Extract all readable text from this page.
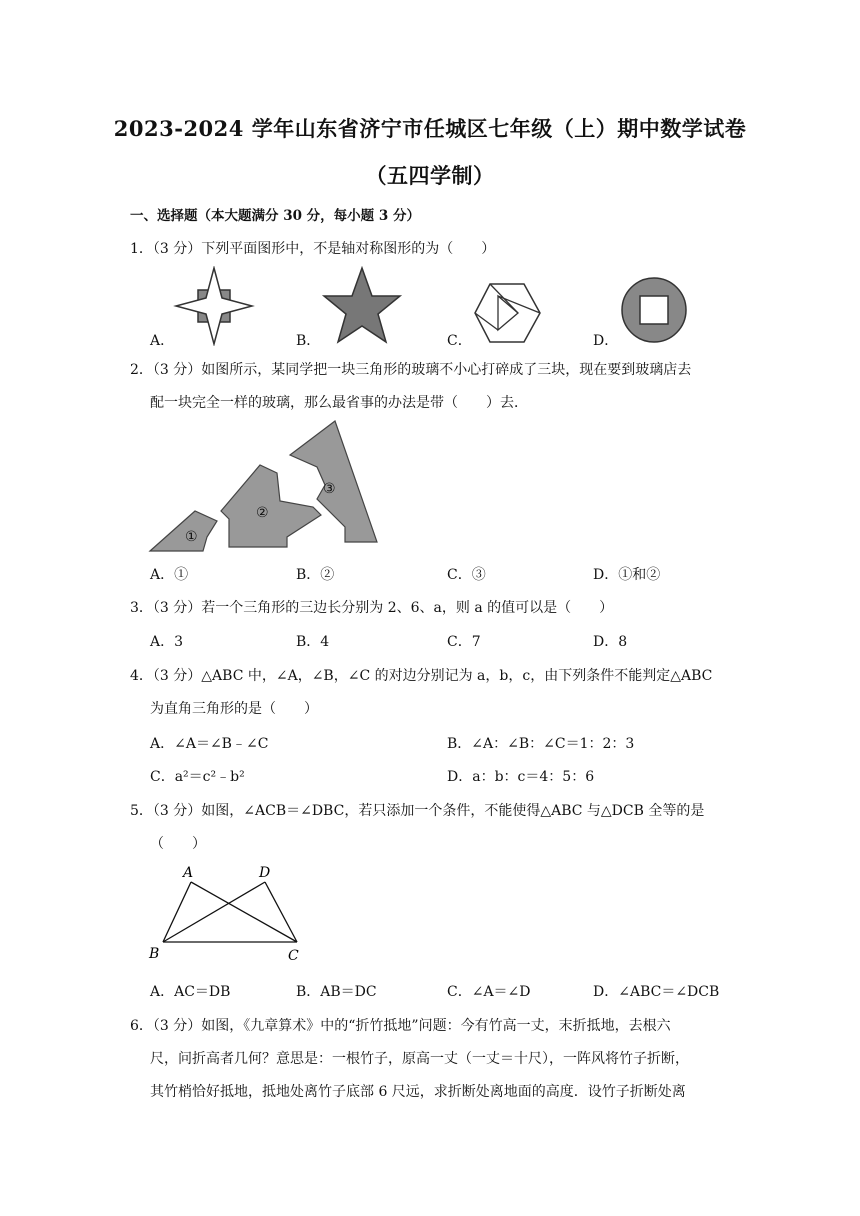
2023-2024 学年山东省济宁市任城区七年级（上）期中数学试卷
（五四学制）
一、选择题（本大题满分 30 分，每小题 3 分）
1．（3 分）下列平面图形中，不是轴对称图形的为（　　）
A．	B．	C．	D．
2．（3 分）如图所示，某同学把一块三角形的玻璃不小心打碎成了三块，现在要到玻璃店去
配一块完全一样的玻璃，那么最省事的办法是带（　　）去．
①
②
③
A．①	B．②	C．③	D．①和②
3．（3 分）若一个三角形的三边长分别为 2、6、a，则 a 的值可以是（　　）
A．3	B．4	C．7	D．8
4．（3 分）△ABC 中，∠A，∠B，∠C 的对边分别记为 a，b，c，由下列条件不能判定△ABC
为直角三角形的是（　　）
A．∠A＝∠B﹣∠C	B．∠A：∠B：∠C＝1：2：3
C．a²＝c²﹣b²	D．a：b：c＝4：5：6
5．（3 分）如图，∠ACB＝∠DBC，若只添加一个条件，不能使得△ABC 与△DCB 全等的是
（　　）
A	D
B	C
A．AC＝DB	B．AB＝DC	C．∠A＝∠D	D．∠ABC＝∠DCB
6．（3 分）如图，《九章算术》中的“折竹抵地”问题：今有竹高一丈，末折抵地，去根六
尺，问折高者几何？意思是：一根竹子，原高一丈（一丈＝十尺），一阵风将竹子折断，
其竹梢恰好抵地，抵地处离竹子底部 6 尺远，求折断处离地面的高度．设竹子折断处离
